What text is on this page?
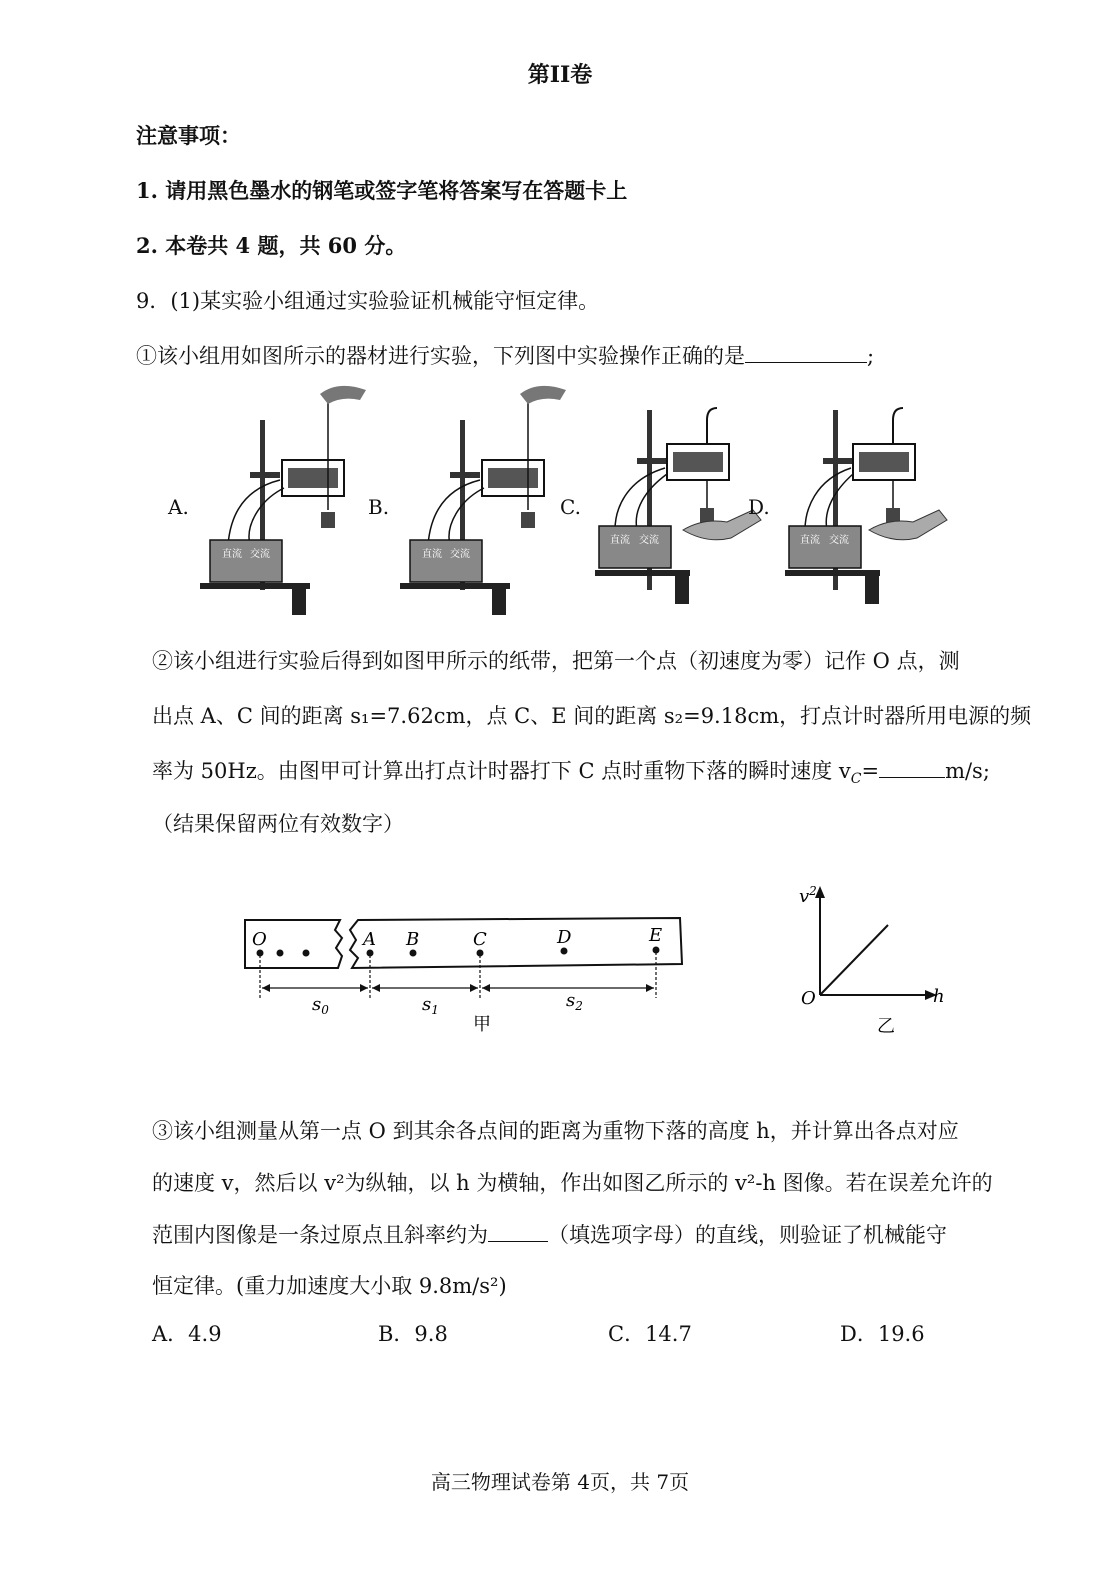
第II卷
注意事项：
1. 请用黑色墨水的钢笔或签字笔将答案写在答题卡上
2. 本卷共 4 题，共 60 分。
9．(1)某实验小组通过实验验证机械能守恒定律。
①该小组用如图所示的器材进行实验，下列图中实验操作正确的是	;
A.
直流 交流
B.
直流 交流
C.
直流 交流
D.
直流 交流
②该小组进行实验后得到如图甲所示的纸带，把第一个点（初速度为零）记作 O 点，测
出点 A、C 间的距离 s₁=7.62cm，点 C、E 间的距离 s₂=9.18cm，打点计时器所用电源的频
率为 50Hz。由图甲可计算出打点计时器打下 C 点时重物下落的瞬时速度 $v_C=$	m/s;
（结果保留两位有效数字）
O	A B	C	D	E
$s_0$	$s_1$	$s_2$
甲
$v^2$
h
O
乙
③该小组测量从第一点 O 到其余各点间的距离为重物下落的高度 h，并计算出各点对应
的速度 v，然后以 v²为纵轴，以 h 为横轴，作出如图乙所示的 v²-h 图像。若在误差允许的
范围内图像是一条过原点且斜率约为	（填选项字母）的直线，则验证了机械能守
恒定律。(重力加速度大小取 9.8m/s²)
A．4.9	B．9.8	C．14.7	D．19.6
高三物理试卷第 4页，共 7页
